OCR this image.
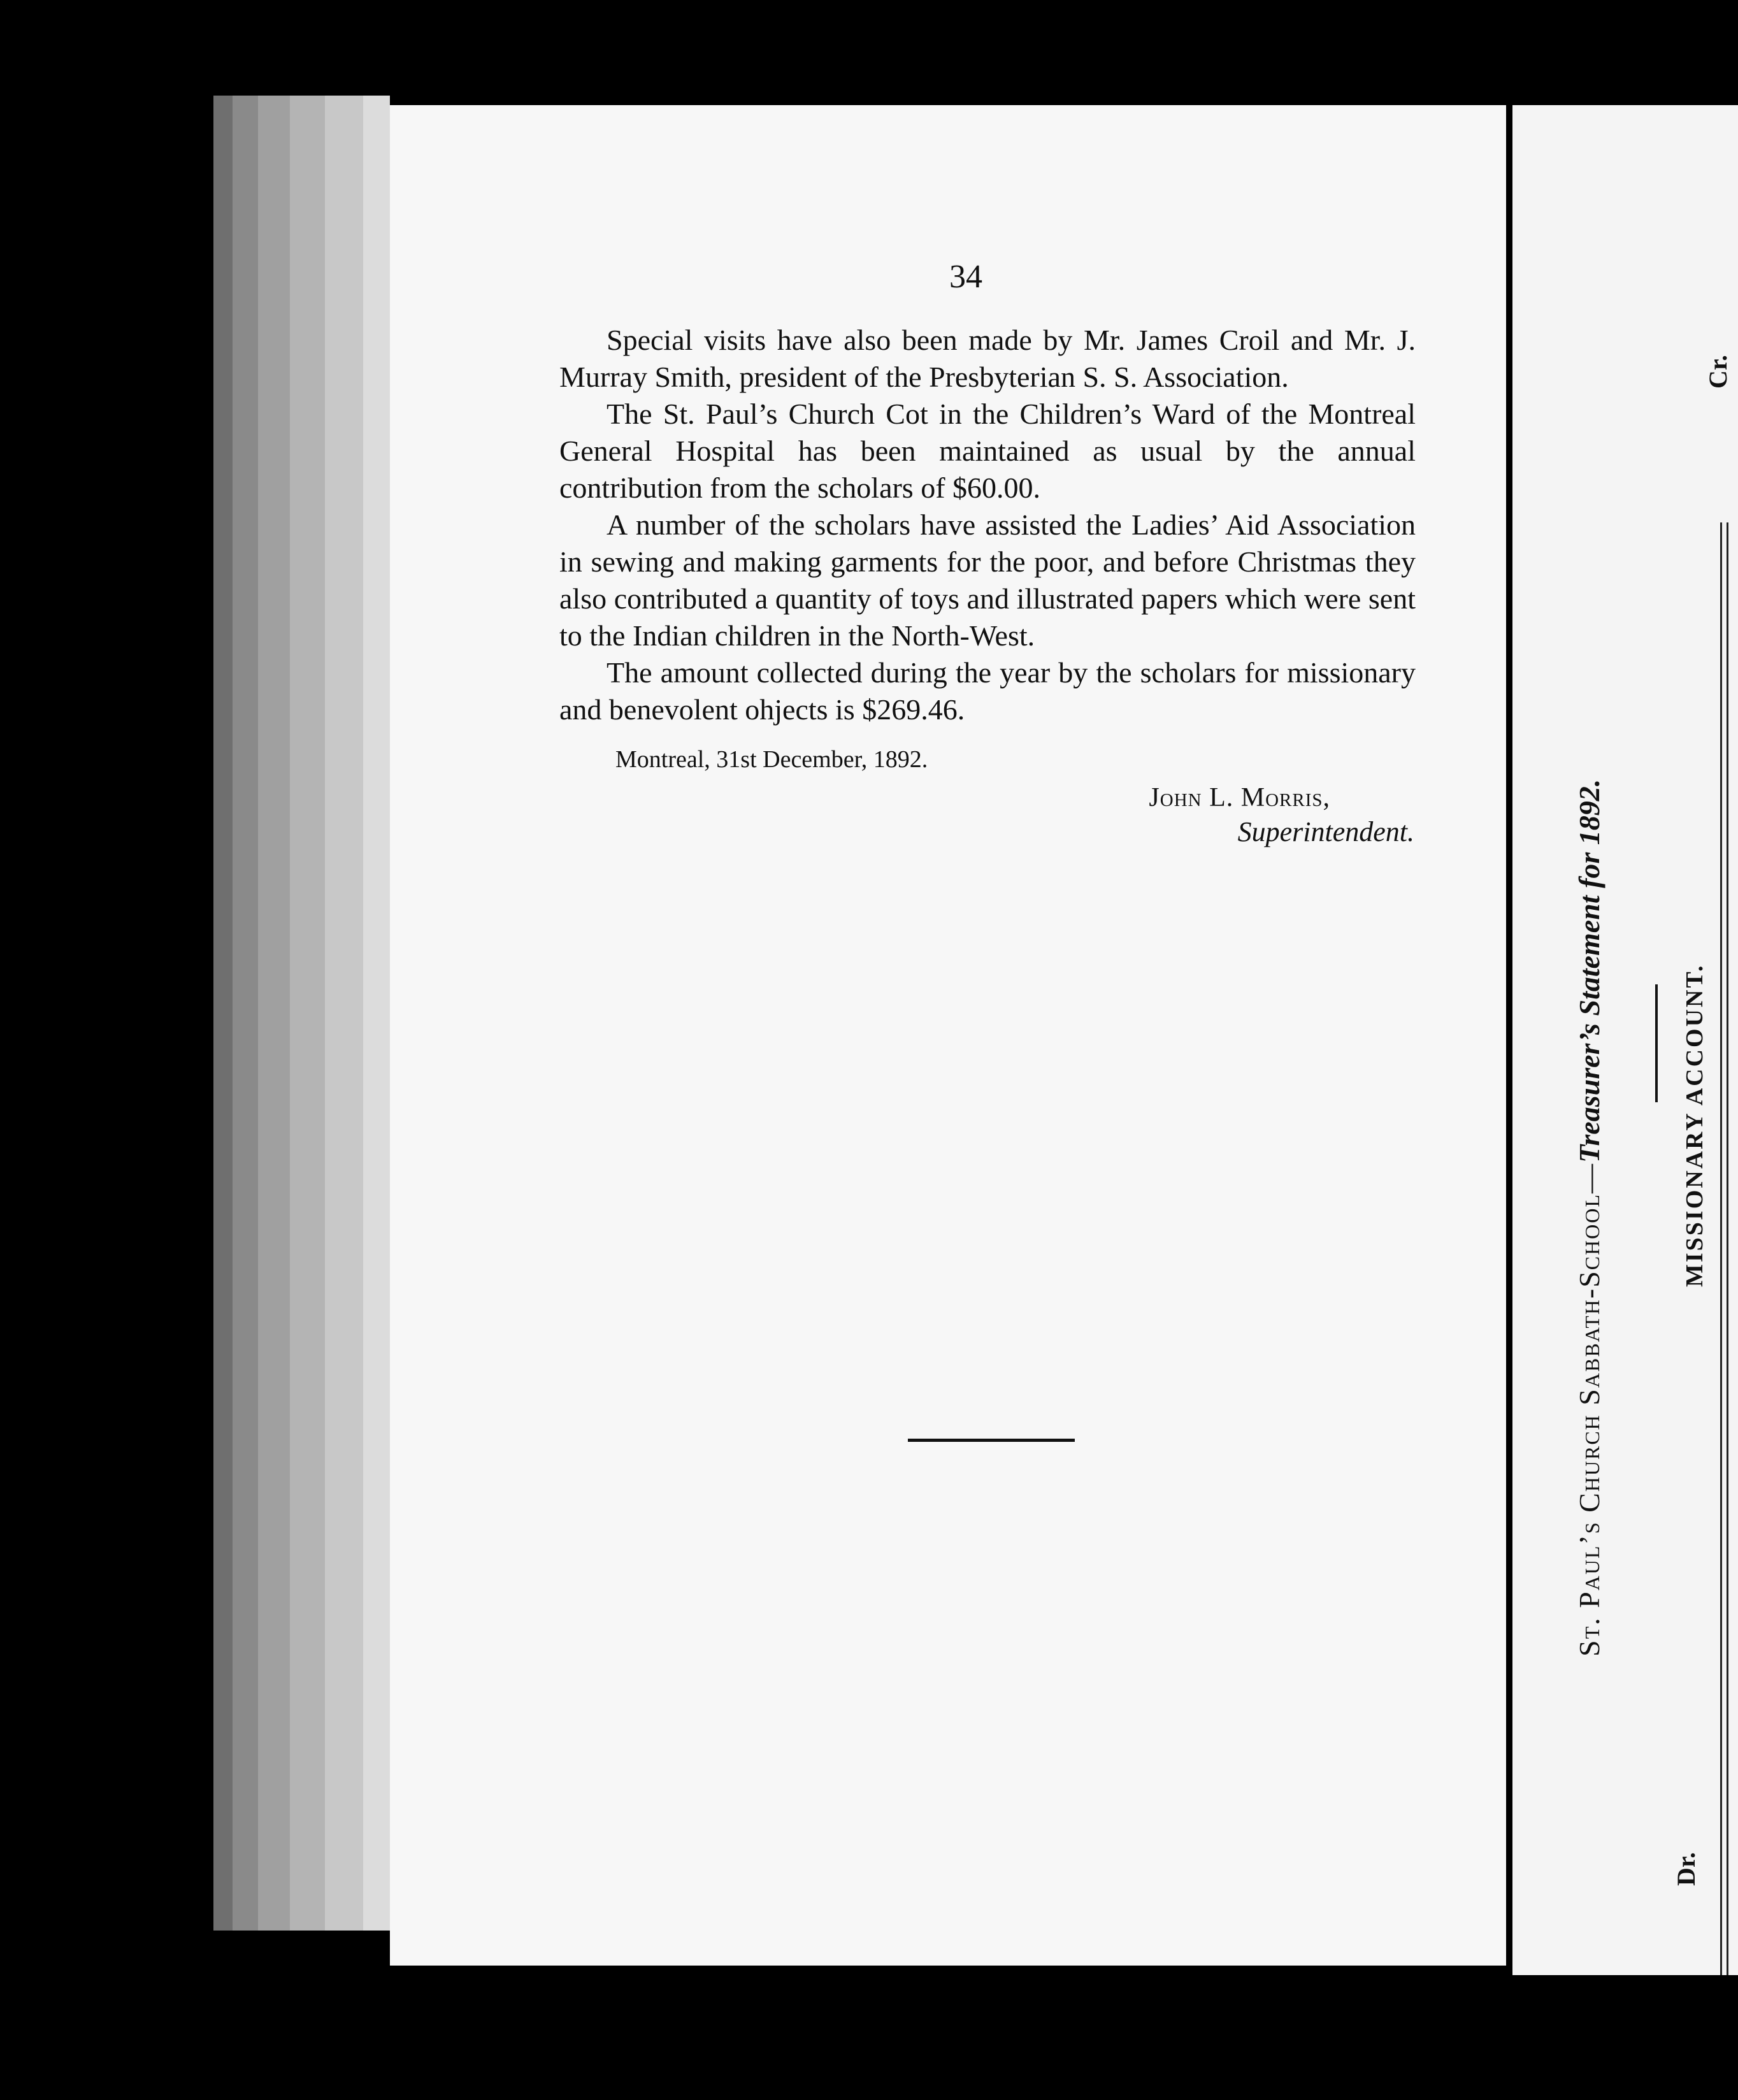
34

Special visits have also been made by Mr. James Croil and Mr. J. Murray Smith, president of the Presbyterian S. S. Association.

The St. Paul’s Church Cot in the Children’s Ward of the Montreal General Hospital has been maintained as usual by the annual contribution from the scholars of $60.00.

A number of the scholars have assisted the Ladies’ Aid Association in sewing and making garments for the poor, and before Christmas they also contributed a quantity of toys and illustrated papers which were sent to the Indian children in the North-West.

The amount collected during the year by the scholars for missionary and benevolent ohjects is $269.46.

Montreal, 31st December, 1892.
John L. Morris,
Superintendent.
St. Paul’s Church Sabbath-School—Treasurer’s Statement for 1892.	MISSIONARY ACCOUNT.
Dr.
Cr.
